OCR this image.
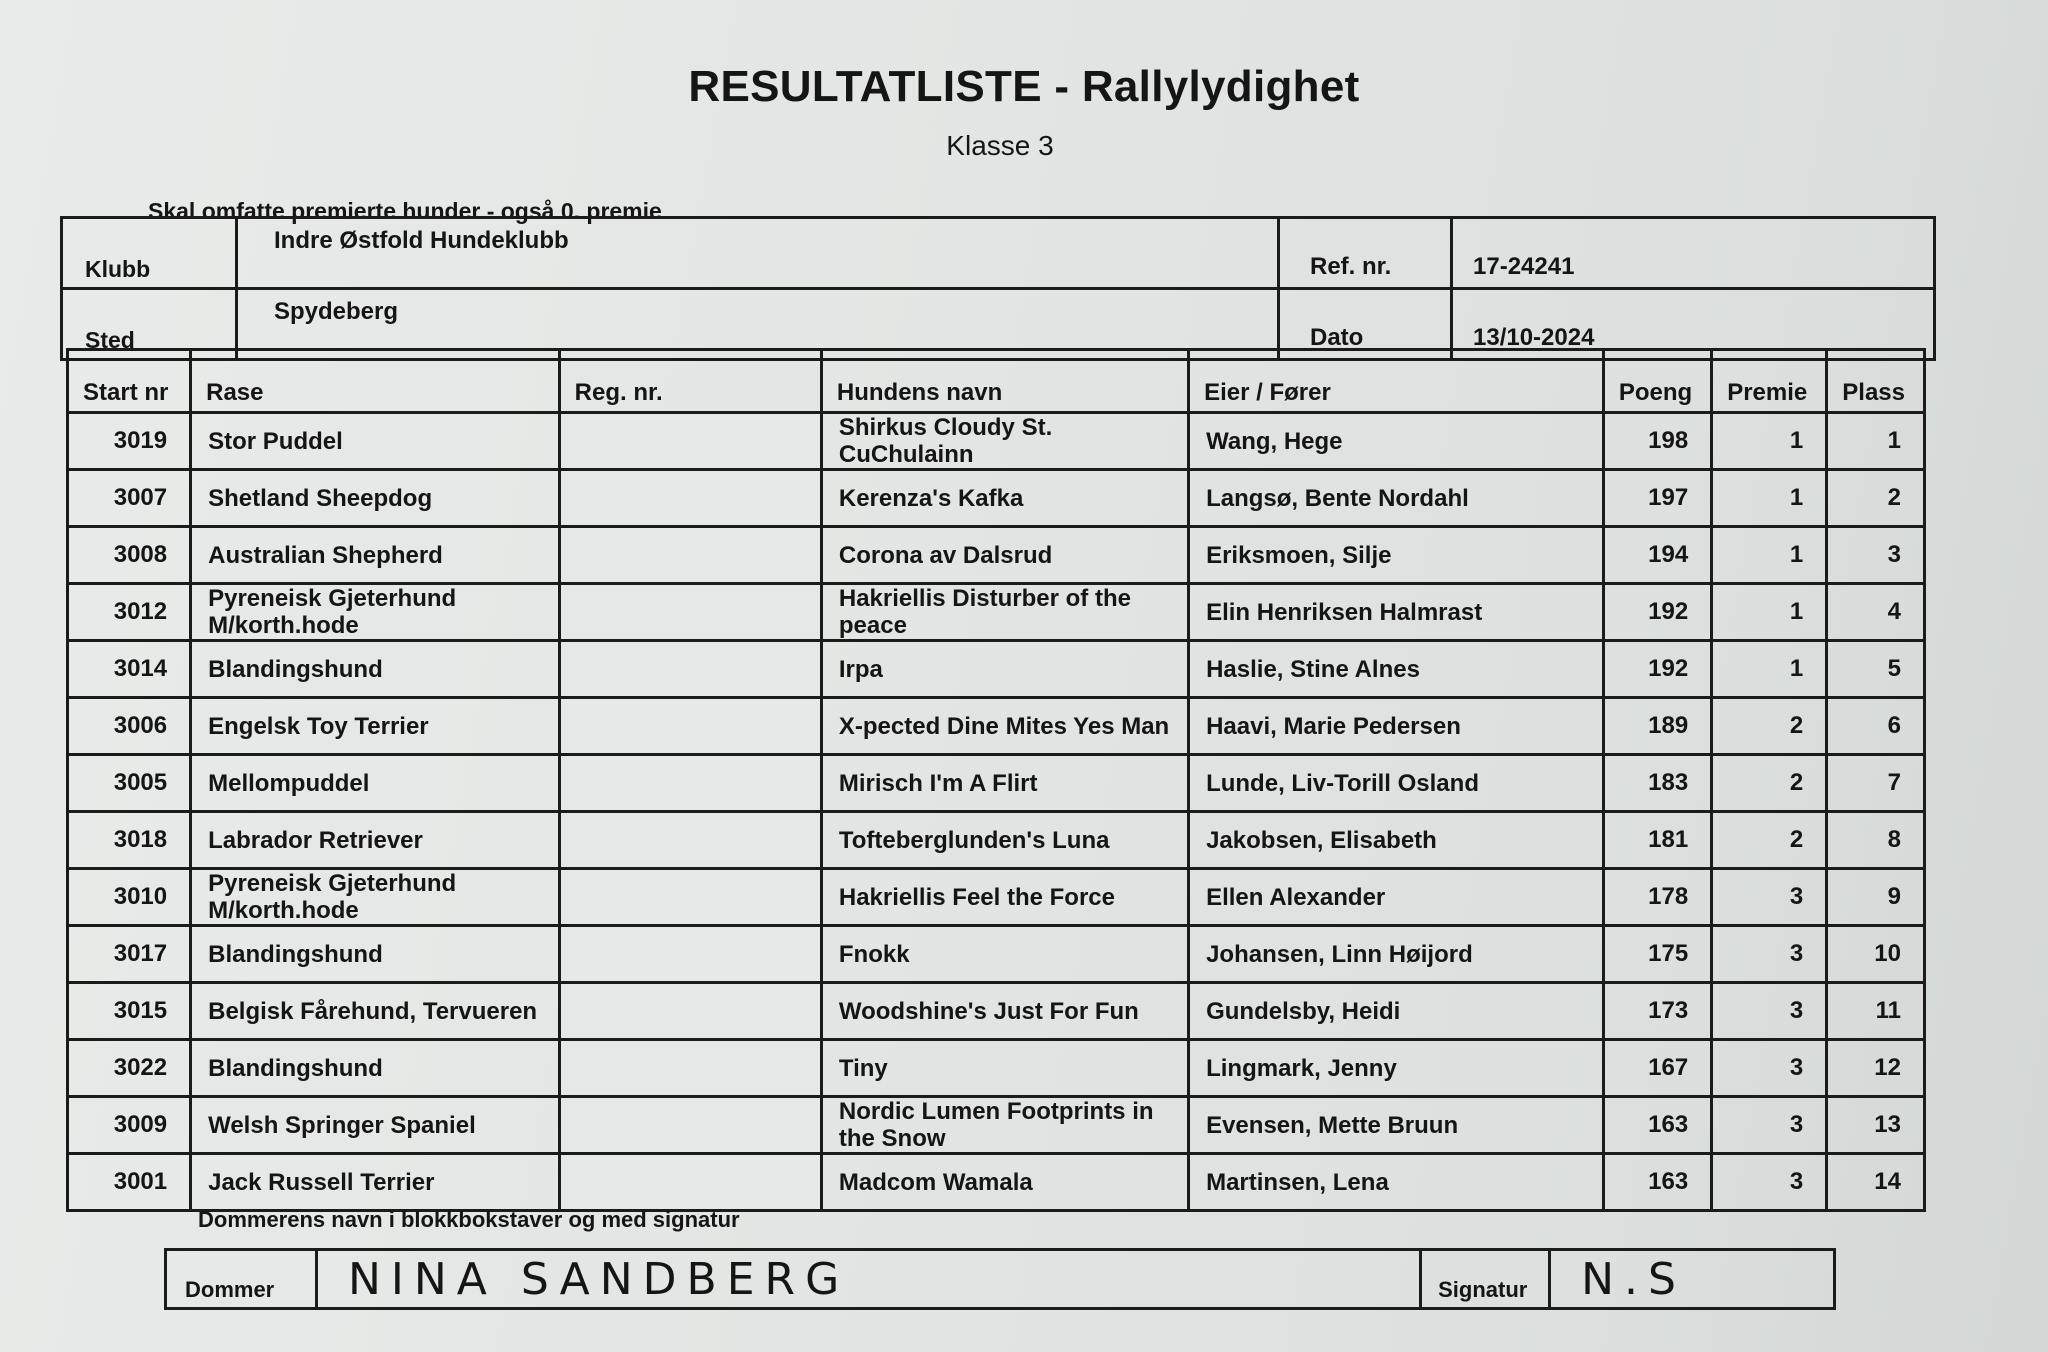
RESULTATLISTE - Rallylydighet
Klasse 3
Skal omfatte premierte hunder - også 0. premie
Klubb	Indre Østfold Hundeklubb	Ref. nr.	17-24241
Sted	Spydeberg	Dato	13/10-2024
Start nr	Rase	Reg. nr.	Hundens navn	Eier / Fører	Poeng	Premie	Plass
3019	Stor Puddel		Shirkus Cloudy St. CuChulainn	Wang, Hege	198	1	1
3007	Shetland Sheepdog		Kerenza's Kafka	Langsø, Bente Nordahl	197	1	2
3008	Australian Shepherd		Corona av Dalsrud	Eriksmoen, Silje	194	1	3
3012	Pyreneisk Gjeterhund M/korth.hode		Hakriellis Disturber of the peace	Elin Henriksen Halmrast	192	1	4
3014	Blandingshund		Irpa	Haslie, Stine Alnes	192	1	5
3006	Engelsk Toy Terrier		X-pected Dine Mites Yes Man	Haavi, Marie Pedersen	189	2	6
3005	Mellompuddel		Mirisch I'm A Flirt	Lunde, Liv-Torill Osland	183	2	7
3018	Labrador Retriever		Tofteberglunden's Luna	Jakobsen, Elisabeth	181	2	8
3010	Pyreneisk Gjeterhund M/korth.hode		Hakriellis Feel the Force	Ellen Alexander	178	3	9
3017	Blandingshund		Fnokk	Johansen, Linn Høijord	175	3	10
3015	Belgisk Fårehund, Tervueren		Woodshine's Just For Fun	Gundelsby, Heidi	173	3	11
3022	Blandingshund		Tiny	Lingmark, Jenny	167	3	12
3009	Welsh Springer Spaniel		Nordic Lumen Footprints in the Snow	Evensen, Mette Bruun	163	3	13
3001	Jack Russell Terrier		Madcom Wamala	Martinsen, Lena	163	3	14
Dommerens navn i blokkbokstaver og med signatur
Dommer	NINA SANDBERG	Signatur	N.S
